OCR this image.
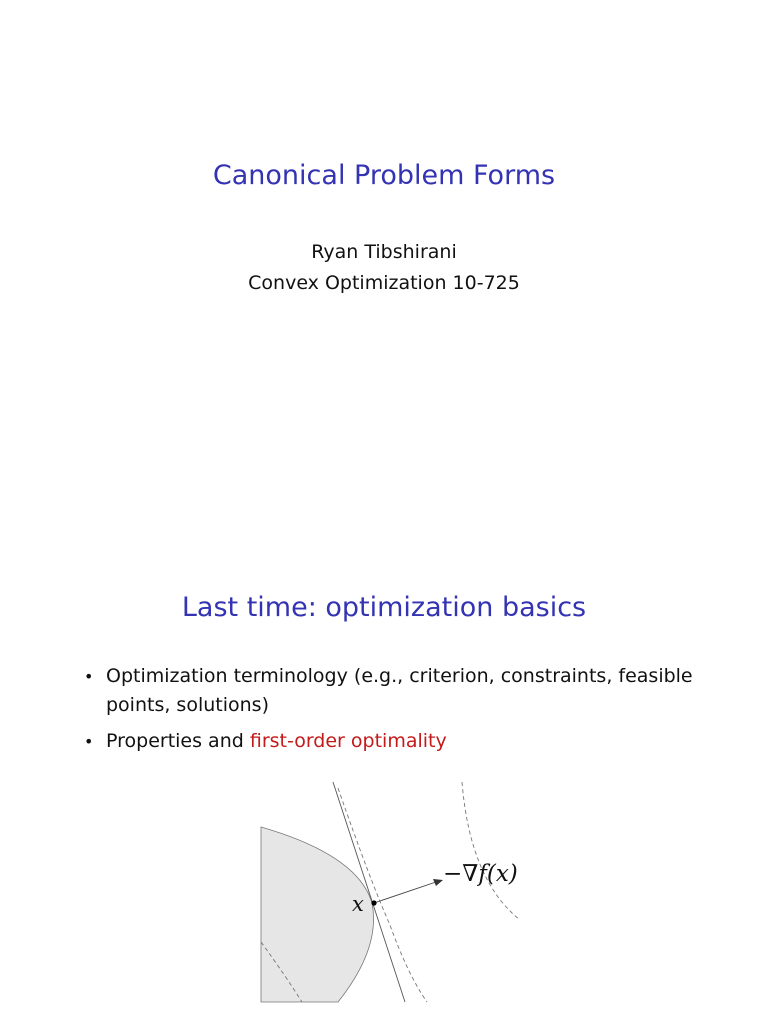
Canonical Problem Forms
Ryan Tibshirani
Convex Optimization 10-725
Last time: optimization basics
• Optimization terminology (e.g., criterion, constraints, feasible points, solutions)
• Properties and first-order optimality
x
−∇f(x)
